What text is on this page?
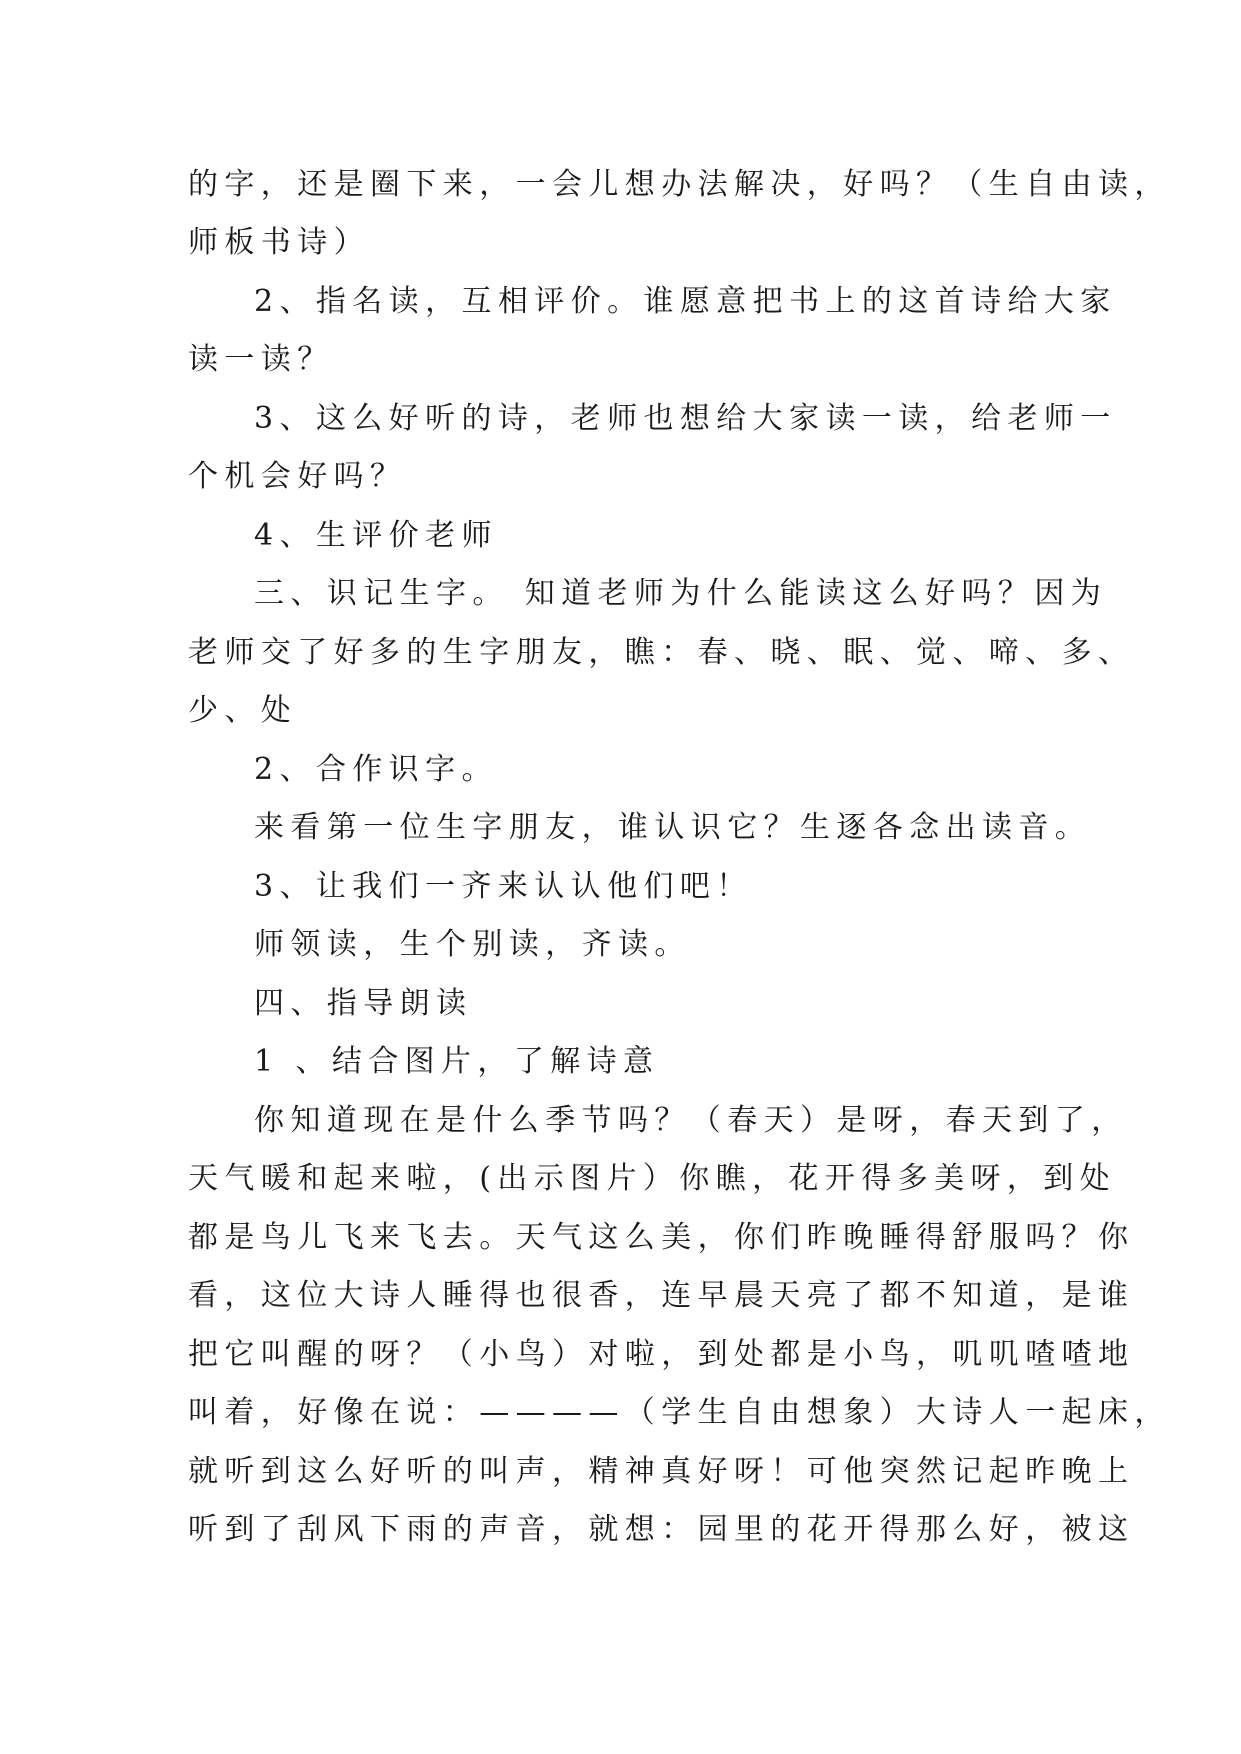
的字，还是圈下来，一会儿想办法解决，好吗？（生自由读，
师板书诗）
2、指名读，互相评价。谁愿意把书上的这首诗给大家
读一读？
3、这么好听的诗，老师也想给大家读一读，给老师一
个机会好吗？
4、生评价老师
三、识记生字。 知道老师为什么能读这么好吗？因为
老师交了好多的生字朋友，瞧：春、晓、眠、觉、啼、多、
少、处
2、合作识字。
来看第一位生字朋友，谁认识它？生逐各念出读音。
3、让我们一齐来认认他们吧！
师领读，生个别读，齐读。
四、指导朗读
1 、结合图片，了解诗意
你知道现在是什么季节吗？（春天）是呀，春天到了，
天气暖和起来啦，(出示图片）你瞧，花开得多美呀，到处
都是鸟儿飞来飞去。天气这么美，你们昨晚睡得舒服吗？你
看，这位大诗人睡得也很香，连早晨天亮了都不知道，是谁
把它叫醒的呀？（小鸟）对啦，到处都是小鸟，叽叽喳喳地
叫着，好像在说：————（学生自由想象）大诗人一起床，
就听到这么好听的叫声，精神真好呀！可他突然记起昨晚上
听到了刮风下雨的声音，就想：园里的花开得那么好，被这
